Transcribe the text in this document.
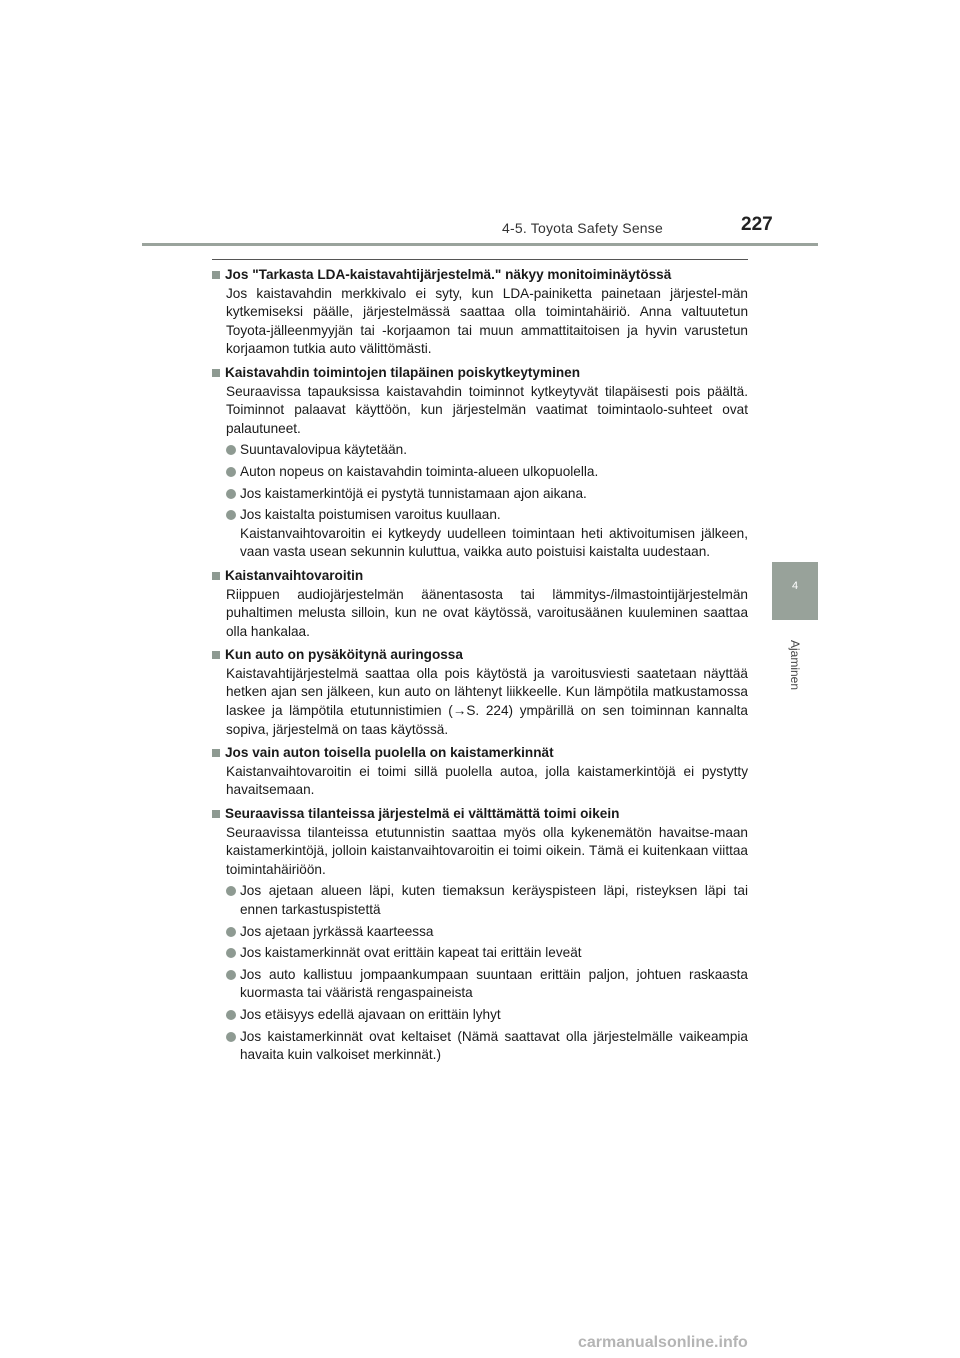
4-5. Toyota Safety Sense	227
4
Ajaminen
Jos "Tarkasta LDA-kaistavahtijärjestelmä." näkyy monitoiminäytössä
Jos kaistavahdin merkkivalo ei syty, kun LDA-painiketta painetaan järjestel-män kytkemiseksi päälle, järjestelmässä saattaa olla toimintahäiriö. Anna valtuutetun Toyota-jälleenmyyjän tai -korjaamon tai muun ammattitaitoisen ja hyvin varustetun korjaamon tutkia auto välittömästi.
Kaistavahdin toimintojen tilapäinen poiskytkeytyminen
Seuraavissa tapauksissa kaistavahdin toiminnot kytkeytyvät tilapäisesti pois päältä. Toiminnot palaavat käyttöön, kun järjestelmän vaatimat toimintaolo-suhteet ovat palautuneet.
Suuntavalovipua käytetään.
Auton nopeus on kaistavahdin toiminta-alueen ulkopuolella.
Jos kaistamerkintöjä ei pystytä tunnistamaan ajon aikana.
Jos kaistalta poistumisen varoitus kuullaan.
Kaistanvaihtovaroitin ei kytkeydy uudelleen toimintaan heti aktivoitumisen jälkeen, vaan vasta usean sekunnin kuluttua, vaikka auto poistuisi kaistalta uudestaan.
Kaistanvaihtovaroitin
Riippuen audiojärjestelmän äänentasosta tai lämmitys-/ilmastointijärjestelmän puhaltimen melusta silloin, kun ne ovat käytössä, varoitusäänen kuuleminen saattaa olla hankalaa.
Kun auto on pysäköitynä auringossa
Kaistavahtijärjestelmä saattaa olla pois käytöstä ja varoitusviesti saatetaan näyttää hetken ajan sen jälkeen, kun auto on lähtenyt liikkeelle. Kun lämpötila matkustamossa laskee ja lämpötila etutunnistimien (→S. 224) ympärillä on sen toiminnan kannalta sopiva, järjestelmä on taas käytössä.
Jos vain auton toisella puolella on kaistamerkinnät
Kaistanvaihtovaroitin ei toimi sillä puolella autoa, jolla kaistamerkintöjä ei pystytty havaitsemaan.
Seuraavissa tilanteissa järjestelmä ei välttämättä toimi oikein
Seuraavissa tilanteissa etutunnistin saattaa myös olla kykenemätön havaitse-maan kaistamerkintöjä, jolloin kaistanvaihtovaroitin ei toimi oikein. Tämä ei kuitenkaan viittaa toimintahäiriöön.
Jos ajetaan alueen läpi, kuten tiemaksun keräyspisteen läpi, risteyksen läpi tai ennen tarkastuspistettä
Jos ajetaan jyrkässä kaarteessa
Jos kaistamerkinnät ovat erittäin kapeat tai erittäin leveät
Jos auto kallistuu jompaankumpaan suuntaan erittäin paljon, johtuen raskaasta kuormasta tai vääristä rengaspaineista
Jos etäisyys edellä ajavaan on erittäin lyhyt
Jos kaistamerkinnät ovat keltaiset (Nämä saattavat olla järjestelmälle vaikeampia havaita kuin valkoiset merkinnät.)
carmanualsonline.info
